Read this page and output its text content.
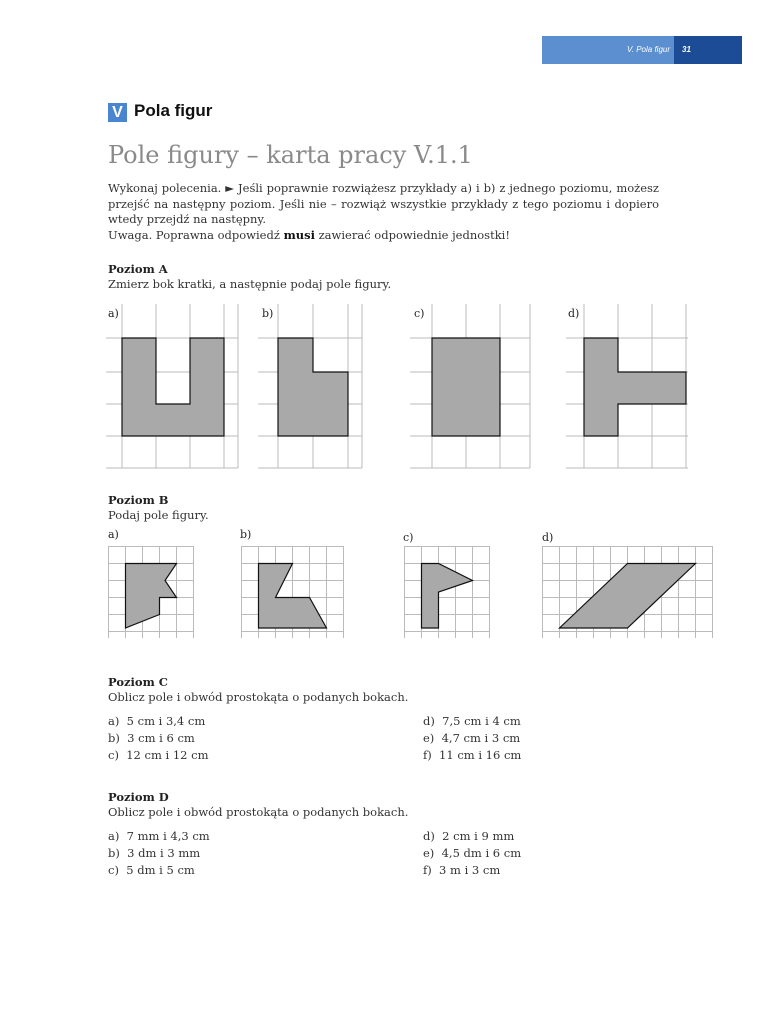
V. Pola figur 31
V Pola figur
Pole figury – karta pracy V.1.1

Wykonaj polecenia. ► Jeśli poprawnie rozwiążesz przykłady a) i b) z jednego poziomu, możesz przejść na następny poziom. Jeśli nie – rozwiąż wszystkie przykłady z tego poziomu i dopiero wtedy przejdź na następny.

Uwaga. Poprawna odpowiedź musi zawierać odpowiednie jednostki!

Poziom A
Zmierz bok kratki, a następnie podaj pole figury.
a)	b)	c)	d)
Poziom B
Podaj pole figury.
a)	b)	c)	d)
Poziom C
Oblicz pole i obwód prostokąta o podanych bokach.
a)  5 cm i 3,4 cm
b)  3 cm i 6 cm
c)  12 cm i 12 cm
d)  7,5 cm i 4 cm
e)  4,7 cm i 3 cm
f)  11 cm i 16 cm
Poziom D
Oblicz pole i obwód prostokąta o podanych bokach.
a)  7 mm i 4,3 cm
b)  3 dm i 3 mm
c)  5 dm i 5 cm
d)  2 cm i 9 mm
e)  4,5 dm i 6 cm
f)  3 m i 3 cm
